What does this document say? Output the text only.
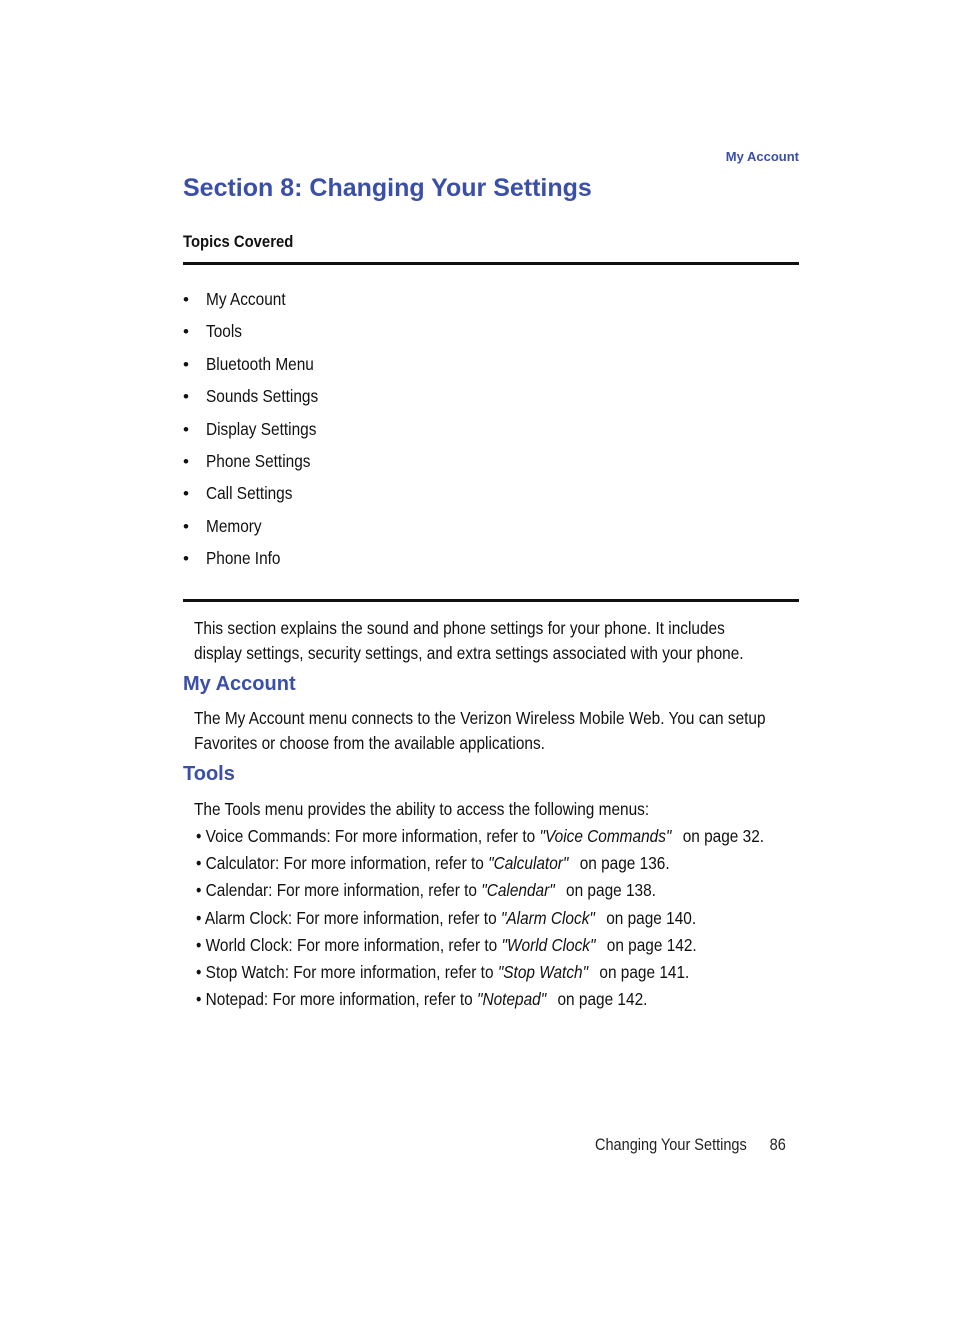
My Account
Section 8: Changing Your Settings
Topics Covered
• My Account
• Tools
• Bluetooth Menu
• Sounds Settings
• Display Settings
• Phone Settings
• Call Settings
• Memory
• Phone Info

This section explains the sound and phone settings for your phone. It includes
display settings, security settings, and extra settings associated with your phone.

My Account

The My Account menu connects to the Verizon Wireless Mobile Web. You can setup
Favorites or choose from the available applications.

Tools

The Tools menu provides the ability to access the following menus:

• Voice Commands: For more information, refer to "Voice Commands" on page 32.
• Calculator: For more information, refer to "Calculator" on page 136.
• Calendar: For more information, refer to "Calendar" on page 138.
• Alarm Clock: For more information, refer to "Alarm Clock" on page 140.
• World Clock: For more information, refer to "World Clock" on page 142.
• Stop Watch: For more information, refer to "Stop Watch" on page 141.
• Notepad: For more information, refer to "Notepad" on page 142.
Changing Your Settings 86
